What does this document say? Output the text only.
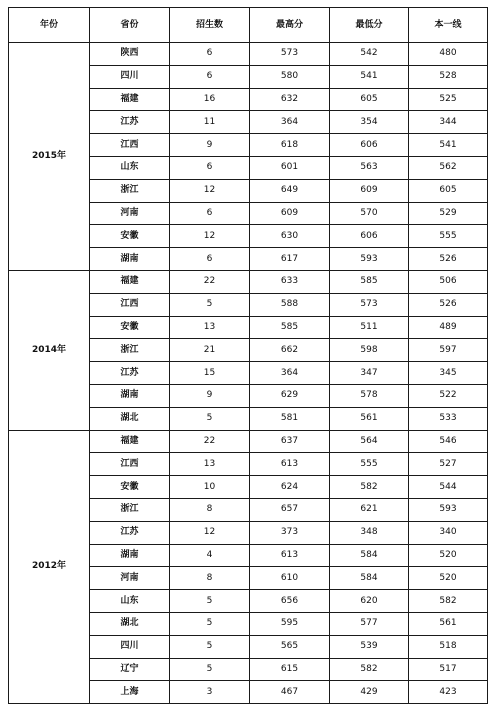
年份	省份	招生数	最高分	最低分	本一线
2015年	陕西	6	573	542	480
	四川	6	580	541	528
	福建	16	632	605	525
	江苏	11	364	354	344
	江西	9	618	606	541
	山东	6	601	563	562
	浙江	12	649	609	605
	河南	6	609	570	529
	安徽	12	630	606	555
	湖南	6	617	593	526
2014年	福建	22	633	585	506
	江西	5	588	573	526
	安徽	13	585	511	489
	浙江	21	662	598	597
	江苏	15	364	347	345
	湖南	9	629	578	522
	湖北	5	581	561	533
2012年	福建	22	637	564	546
	江西	13	613	555	527
	安徽	10	624	582	544
	浙江	8	657	621	593
	江苏	12	373	348	340
	湖南	4	613	584	520
	河南	8	610	584	520
	山东	5	656	620	582
	湖北	5	595	577	561
	四川	5	565	539	518
	辽宁	5	615	582	517
	上海	3	467	429	423
